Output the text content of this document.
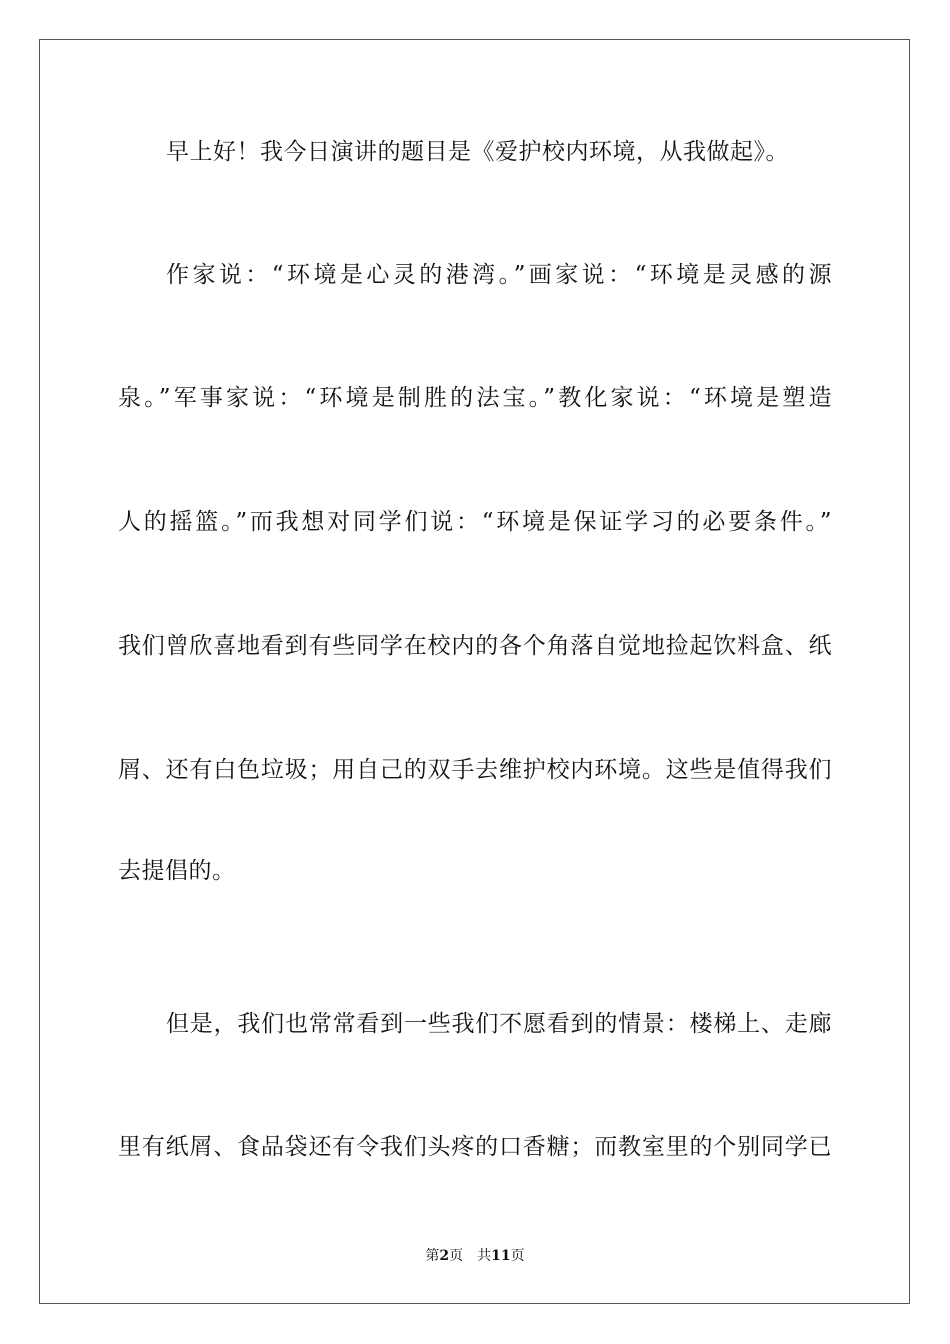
早上好！我今日演讲的题目是《爱护校内环境，从我做起》。
作家说：“环境是心灵的港湾。”画家说：“环境是灵感的源
泉。”军事家说：“环境是制胜的法宝。”教化家说：“环境是塑造
人的摇篮。”而我想对同学们说：“环境是保证学习的必要条件。”
我们曾欣喜地看到有些同学在校内的各个角落自觉地捡起饮料盒、纸
屑、还有白色垃圾；用自己的双手去维护校内环境。这些是值得我们
去提倡的。
但是，我们也常常看到一些我们不愿看到的情景：楼梯上、走廊
里有纸屑、食品袋还有令我们头疼的口香糖；而教室里的个别同学已
第2页 共11页
